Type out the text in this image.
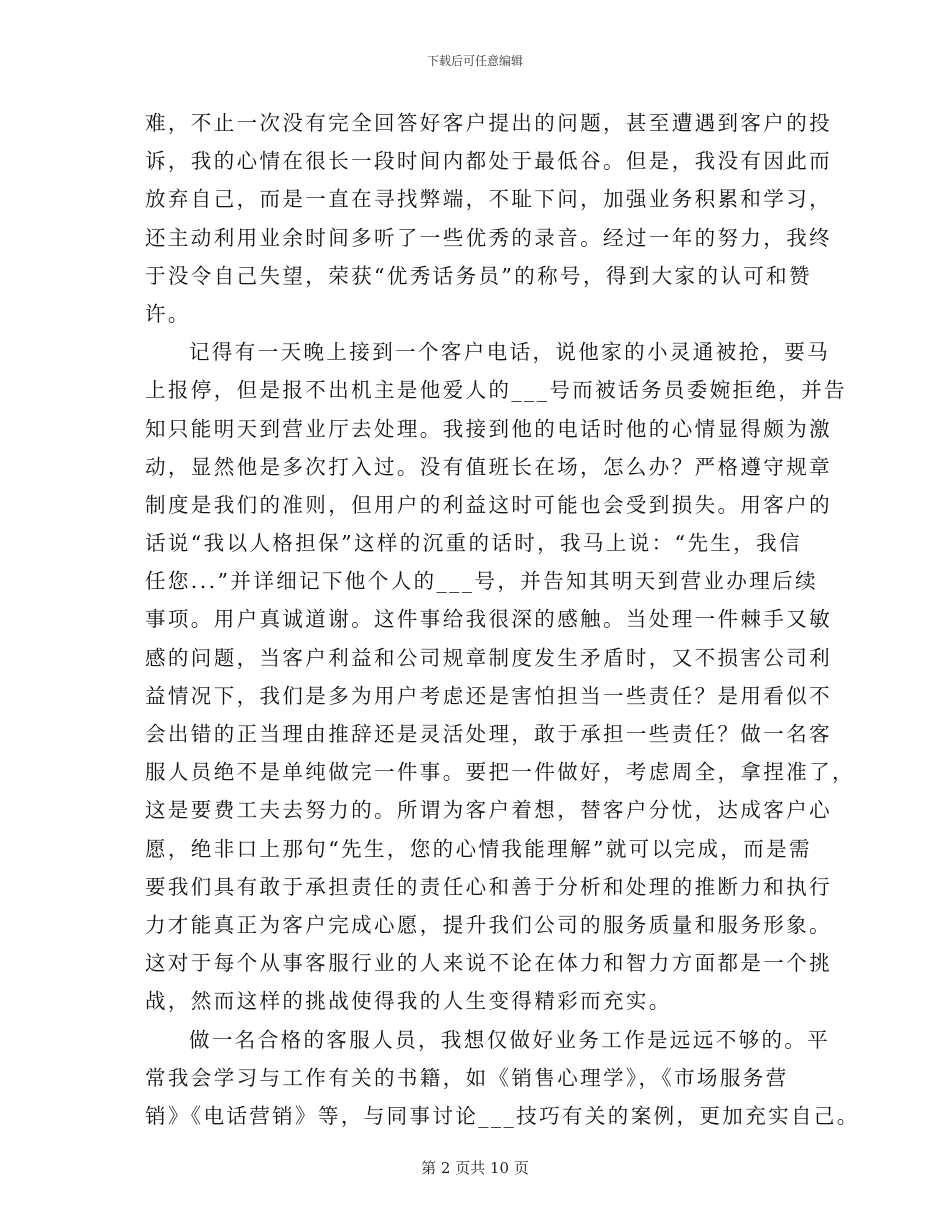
下载后可任意编辑
难，不止一次没有完全回答好客户提出的问题，甚至遭遇到客户的投
诉，我的心情在很长一段时间内都处于最低谷。但是，我没有因此而
放弃自己，而是一直在寻找弊端，不耻下问，加强业务积累和学习，
还主动利用业余时间多听了一些优秀的录音。经过一年的努力，我终
于没令自己失望，荣获“优秀话务员”的称号，得到大家的认可和赞
许。
记得有一天晚上接到一个客户电话，说他家的小灵通被抢，要马
上报停，但是报不出机主是他爱人的___号而被话务员委婉拒绝，并告
知只能明天到营业厅去处理。我接到他的电话时他的心情显得颇为激
动，显然他是多次打入过。没有值班长在场，怎么办？严格遵守规章
制度是我们的准则，但用户的利益这时可能也会受到损失。用客户的
话说“我以人格担保”这样的沉重的话时，我马上说：“先生，我信
任您...”并详细记下他个人的___号，并告知其明天到营业办理后续
事项。用户真诚道谢。这件事给我很深的感触。当处理一件棘手又敏
感的问题，当客户利益和公司规章制度发生矛盾时，又不损害公司利
益情况下，我们是多为用户考虑还是害怕担当一些责任？是用看似不
会出错的正当理由推辞还是灵活处理，敢于承担一些责任？做一名客
服人员绝不是单纯做完一件事。要把一件做好，考虑周全，拿捏准了，
这是要费工夫去努力的。所谓为客户着想，替客户分忧，达成客户心
愿，绝非口上那句“先生，您的心情我能理解”就可以完成，而是需
要我们具有敢于承担责任的责任心和善于分析和处理的推断力和执行
力才能真正为客户完成心愿，提升我们公司的服务质量和服务形象。
这对于每个从事客服行业的人来说不论在体力和智力方面都是一个挑
战，然而这样的挑战使得我的人生变得精彩而充实。
做一名合格的客服人员，我想仅做好业务工作是远远不够的。平
常我会学习与工作有关的书籍，如《销售心理学》，《市场服务营
销》《电话营销》等，与同事讨论___技巧有关的案例，更加充实自己。
第 2 页共 10 页
